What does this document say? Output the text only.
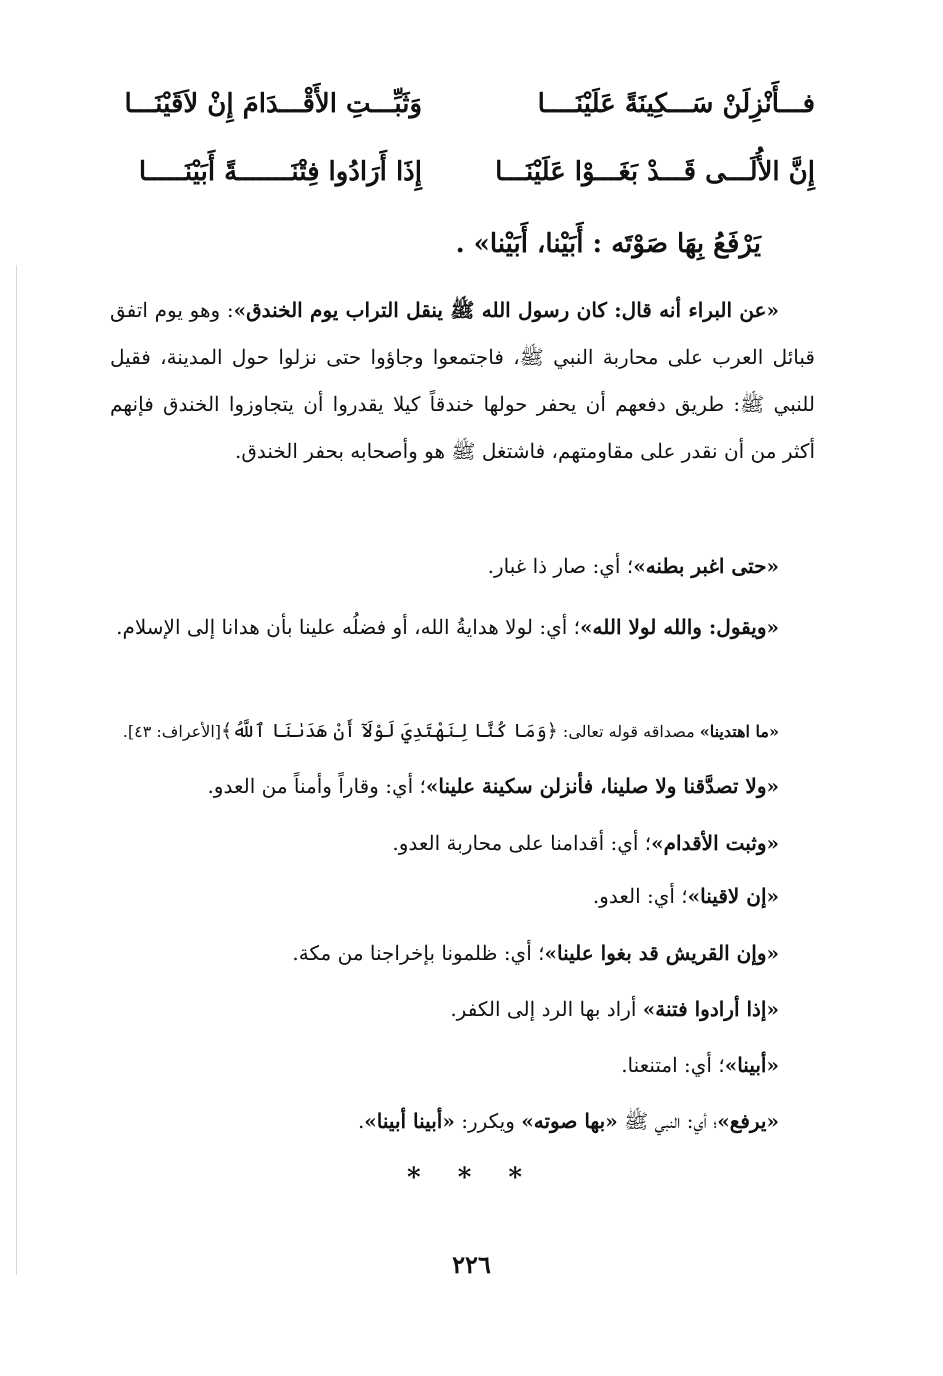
فـــأَنْزِلَنْ سَـــكِينَةً عَلَيْنَــــا
وَثَبِّـــتِ الأَقْـــدَامَ إِنْ لاَقَيْنَـــا
إِنَّ الأُلَـــى قَـــدْ بَغَـــوْا عَلَيْنَـــا
إِذَا أَرَادُوا فِتْنَـــــــةً أَبَيْنَـــــا
يَرْفَعُ بِهَا صَوْتَه : أَبَيْنا، أَبَيْنا» .
«عن البراء أنه قال: كان رسول الله ﷺ ينقل التراب يوم الخندق»: وهو يوم اتفق قبائل العرب على محاربة النبي ﷺ، فاجتمعوا وجاؤوا حتى نزلوا حول المدينة، فقيل للنبي ﷺ: طريق دفعهم أن يحفر حولها خندقاً كيلا يقدروا أن يتجاوزوا الخندق فإنهم أكثر من أن نقدر على مقاومتهم، فاشتغل ﷺ هو وأصحابه بحفر الخندق.
«حتى اغبر بطنه»؛ أي: صار ذا غبار.
«ويقول: والله لولا الله»؛ أي: لولا هدايةُ الله، أو فضلُه علينا بأن هدانا إلى الإسلام.
«ما اهتدينا» مصداقه قوله تعالى: ﴿وَمَا كُنَّا لِنَهْتَدِيَ لَوْلَآ أَنْ هَدَىٰنَا ٱللَّهُ﴾[الأعراف: ٤٣].
«ولا تصدَّقنا ولا صلينا، فأنزلن سكينة علينا»؛ أي: وقاراً وأمناً من العدو.
«وثبت الأقدام»؛ أي: أقدامنا على محاربة العدو.
«إن لاقينا»؛ أي: العدو.
«وإن القريش قد بغوا علينا»؛ أي: ظلمونا بإخراجنا من مكة.
«إذا أرادوا فتنة» أراد بها الرد إلى الكفر.
«أبينا»؛ أي: امتنعنا.
«يرفع»؛ أي: النبي ﷺ «بها صوته» ويكرر: «أبينا أبينا».
* * *
٢٢٦
